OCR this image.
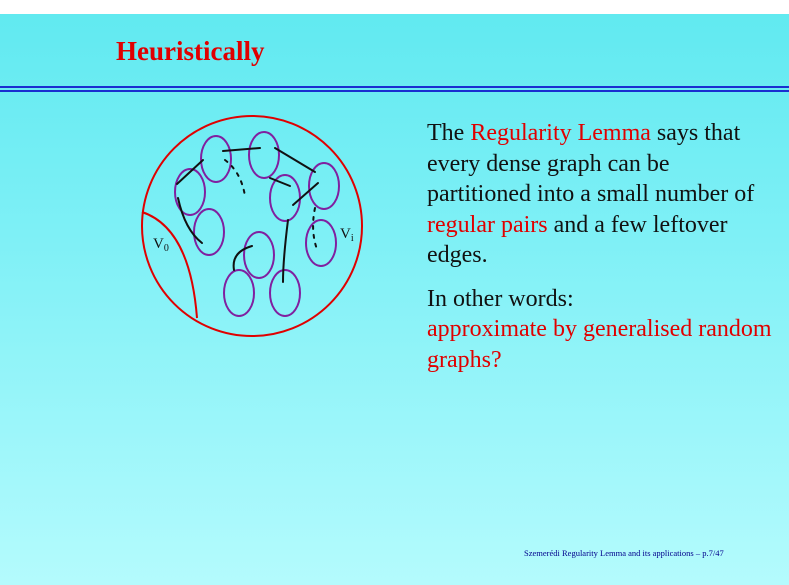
Heuristically
$V_0$
$V_i$

The Regularity Lemma says that every dense graph can be partitioned into a small number of regular pairs and a few leftover edges.

In other words:
approximate by generalised random graphs?

Szemerédi Regularity Lemma and its applications – p.7/47
